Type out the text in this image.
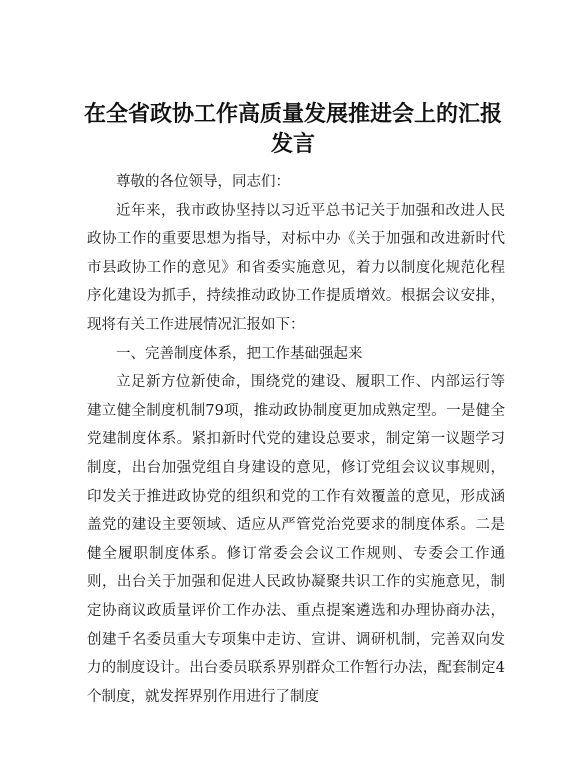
在全省政协工作高质量发展推进会上的汇报发言

尊敬的各位领导，同志们：

近年来，我市政协坚持以习近平总书记关于加强和改进人民政协工作的重要思想为指导，对标中办《关于加强和改进新时代市县政协工作的意见》和省委实施意见，着力以制度化规范化程序化建设为抓手，持续推动政协工作提质增效。根据会议安排，现将有关工作进展情况汇报如下：

一、完善制度体系，把工作基础强起来

立足新方位新使命，围绕党的建设、履职工作、内部运行等建立健全制度机制79项，推动政协制度更加成熟定型。一是健全党建制度体系。紧扣新时代党的建设总要求，制定第一议题学习制度，出台加强党组自身建设的意见，修订党组会议议事规则，印发关于推进政协党的组织和党的工作有效覆盖的意见，形成涵盖党的建设主要领域、适应从严管党治党要求的制度体系。二是健全履职制度体系。修订常委会会议工作规则、专委会工作通则，出台关于加强和促进人民政协凝聚共识工作的实施意见，制定协商议政质量评价工作办法、重点提案遴选和办理协商办法，创建千名委员重大专项集中走访、宣讲、调研机制，完善双向发力的制度设计。出台委员联系界别群众工作暂行办法，配套制定4个制度，就发挥界别作用进行了制度
